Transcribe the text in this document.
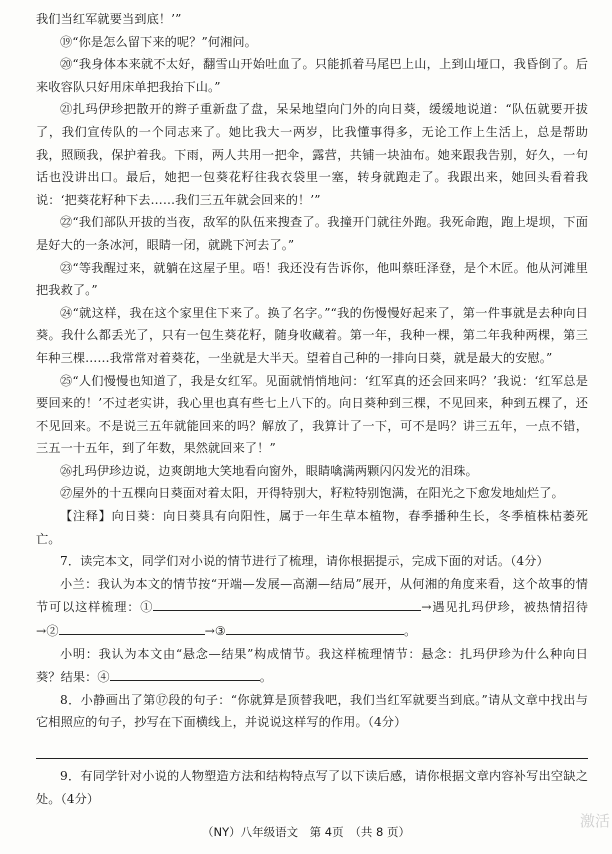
我们当红军就要当到底！’”

⑲“你是怎么留下来的呢？”何湘问。

⑳“我身体本来就不太好，翻雪山开始吐血了。只能抓着马尾巴上山，上到山垭口，我昏倒了。后来收容队只好用床单把我抬下山。”

㉑扎玛伊珍把散开的辫子重新盘了盘，呆呆地望向门外的向日葵，缓缓地说道：“队伍就要开拔了，我们宣传队的一个同志来了。她比我大一两岁，比我懂事得多，无论工作上生活上，总是帮助我，照顾我，保护着我。下雨，两人共用一把伞，露营，共铺一块油布。她来跟我告别，好久，一句话也没讲出口。最后，她把一包葵花籽往我衣袋里一塞，转身就跑走了。我跟出来，她回头看着我说：‘把葵花籽种下去……我们三五年就会回来的！’”

㉒“我们部队开拔的当夜，敌军的队伍来搜查了。我撞开门就往外跑。我死命跑，跑上堤坝，下面是好大的一条冰河，眼睛一闭，就跳下河去了。”

㉓“等我醒过来，就躺在这屋子里。唔！我还没有告诉你，他叫蔡旺泽登，是个木匠。他从河滩里把我救了。”

㉔“就这样，我在这个家里住下来了。换了名字。”“我的伤慢慢好起来了，第一件事就是去种向日葵。我什么都丢光了，只有一包生葵花籽，随身收藏着。第一年，我种一棵，第二年我种两棵，第三年种三棵……我常常对着葵花，一坐就是大半天。望着自己种的一排向日葵，就是最大的安慰。”

㉕“人们慢慢也知道了，我是女红军。见面就悄悄地问：‘红军真的还会回来吗？’我说：‘红军总是要回来的！’不过老实讲，我心里也真有些七上八下的。向日葵种到三棵，不见回来，种到五棵了，还不见回来。不是说三五年就能回来的吗？解放了，我算计了一下，可不是吗？讲三五年，一点不错，三五一十五年，到了年数，果然就回来了！”

㉖扎玛伊珍边说，边爽朗地大笑地看向窗外，眼睛噙满两颗闪闪发光的泪珠。

㉗屋外的十五棵向日葵面对着太阳，开得特别大，籽粒特别饱满，在阳光之下愈发地灿烂了。

【注释】向日葵：向日葵具有向阳性，属于一年生草本植物，春季播种生长，冬季植株枯萎死亡。

7．读完本文，同学们对小说的情节进行了梳理，请你根据提示，完成下面的对话。（4分）

小兰：我认为本文的情节按“开端—发展—高潮—结局”展开，从何湘的角度来看，这个故事的情节可以这样梳理：①	→遇见扎玛伊珍，被热情招待→②	→③	。

小明：我认为本文由“悬念—结果”构成情节。我这样梳理情节：悬念：扎玛伊珍为什么种向日葵？结果：④	。

8．小静画出了第⑰段的句子：“你就算是顶替我吧，我们当红军就要当到底。”请从文章中找出与它相照应的句子，抄写在下面横线上，并说说这样写的作用。（4分）

9．有同学针对小说的人物塑造方法和结构特点写了以下读后感，请你根据文章内容补写出空缺之处。（4分）

（NY）八年级语文　第 4页　（共 8 页）
激活
